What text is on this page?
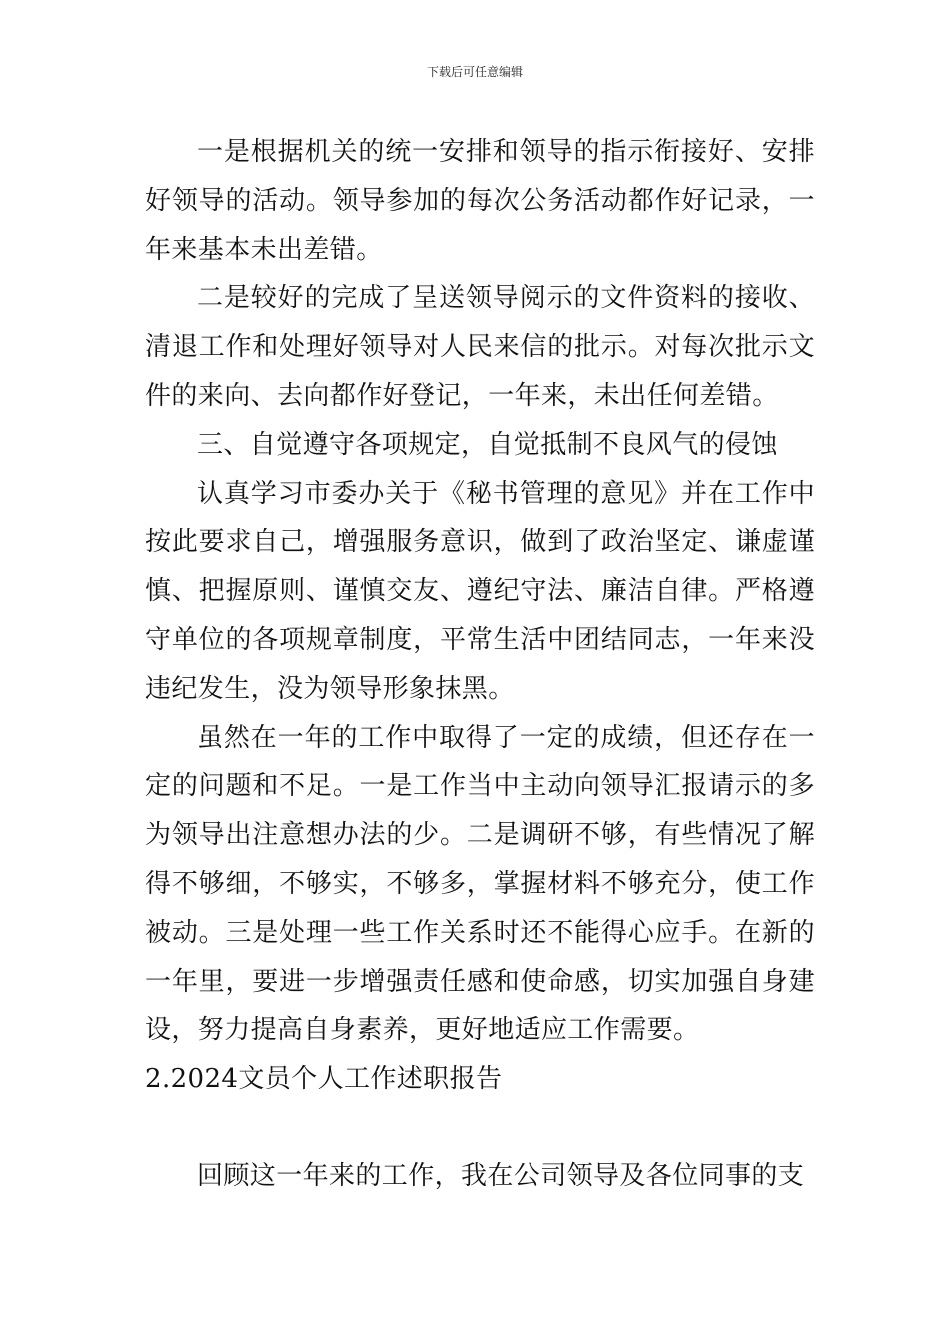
下载后可任意编辑

一是根据机关的统一安排和领导的指示衔接好、安排好领导的活动。领导参加的每次公务活动都作好记录，一年来基本未出差错。

二是较好的完成了呈送领导阅示的文件资料的接收、清退工作和处理好领导对人民来信的批示。对每次批示文件的来向、去向都作好登记，一年来，未出任何差错。

三、自觉遵守各项规定，自觉抵制不良风气的侵蚀

认真学习市委办关于《秘书管理的意见》并在工作中按此要求自己，增强服务意识，做到了政治坚定、谦虚谨慎、把握原则、谨慎交友、遵纪守法、廉洁自律。严格遵守单位的各项规章制度，平常生活中团结同志，一年来没违纪发生，没为领导形象抹黑。

虽然在一年的工作中取得了一定的成绩，但还存在一定的问题和不足。一是工作当中主动向领导汇报请示的多为领导出注意想办法的少。二是调研不够，有些情况了解得不够细，不够实，不够多，掌握材料不够充分，使工作被动。三是处理一些工作关系时还不能得心应手。在新的一年里，要进一步增强责任感和使命感，切实加强自身建设，努力提高自身素养，更好地适应工作需要。

2.2024文员个人工作述职报告

回顾这一年来的工作，我在公司领导及各位同事的支
